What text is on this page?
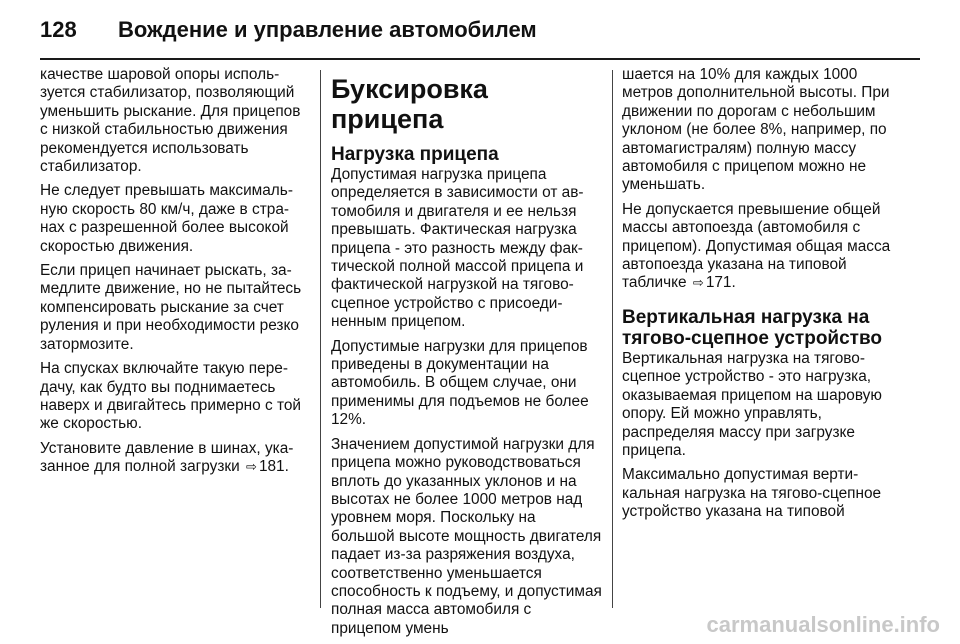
128	Вождение и управление автомобилем

качестве шаровой опоры используется стабилизатор, позволяющий уменьшить рыскание. Для прицепов с низкой стабильностью движения рекомендуется использовать стабилизатор.

Не следует превышать максимальную скорость 80 км/ч, даже в странах с разрешенной более высокой скоростью движения.

Если прицеп начинает рыскать, замедлите движение, но не пытайтесь компенсировать рыскание за счет руления и при необходимости резко затормозите.

На спусках включайте такую передачу, как будто вы поднимаетесь наверх и двигайтесь примерно с той же скоростью.

Установите давление в шинах, указанное для полной загрузки ⇨ 181.

Буксировка прицепа
Нагрузка прицепа

Допустимая нагрузка прицепа определяется в зависимости от автомобиля и двигателя и ее нельзя превышать. Фактическая нагрузка прицепа - это разность между фактической полной массой прицепа и фактической нагрузкой на тягово-сцепное устройство с присоединенным прицепом.

Допустимые нагрузки для прицепов приведены в документации на автомобиль. В общем случае, они применимы для подъемов не более 12%.

Значением допустимой нагрузки для прицепа можно руководствоваться вплоть до указанных уклонов и на высотах не более 1000 метров над уровнем моря. Поскольку на большой высоте мощность двигателя падает из-за разряжения воздуха, соответственно уменьшается способность к подъему, и допустимая полная масса автомобиля с прицепом умень

шается на 10% для каждых 1000 метров дополнительной высоты. При движении по дорогам с небольшим уклоном (не более 8%, например, по автомагистралям) полную массу автомобиля с прицепом можно не уменьшать.

Не допускается превышение общей массы автопоезда (автомобиля с прицепом). Допустимая общая масса автопоезда указана на типовой табличке ⇨ 171.

Вертикальная нагрузка на тягово-сцепное устройство

Вертикальная нагрузка на тягово-сцепное устройство - это нагрузка, оказываемая прицепом на шаровую опору. Ей можно управлять, распределяя массу при загрузке прицепа.

Максимально допустимая вертикальная нагрузка на тягово-сцепное устройство указана на типовой

carmanualsonline.info
